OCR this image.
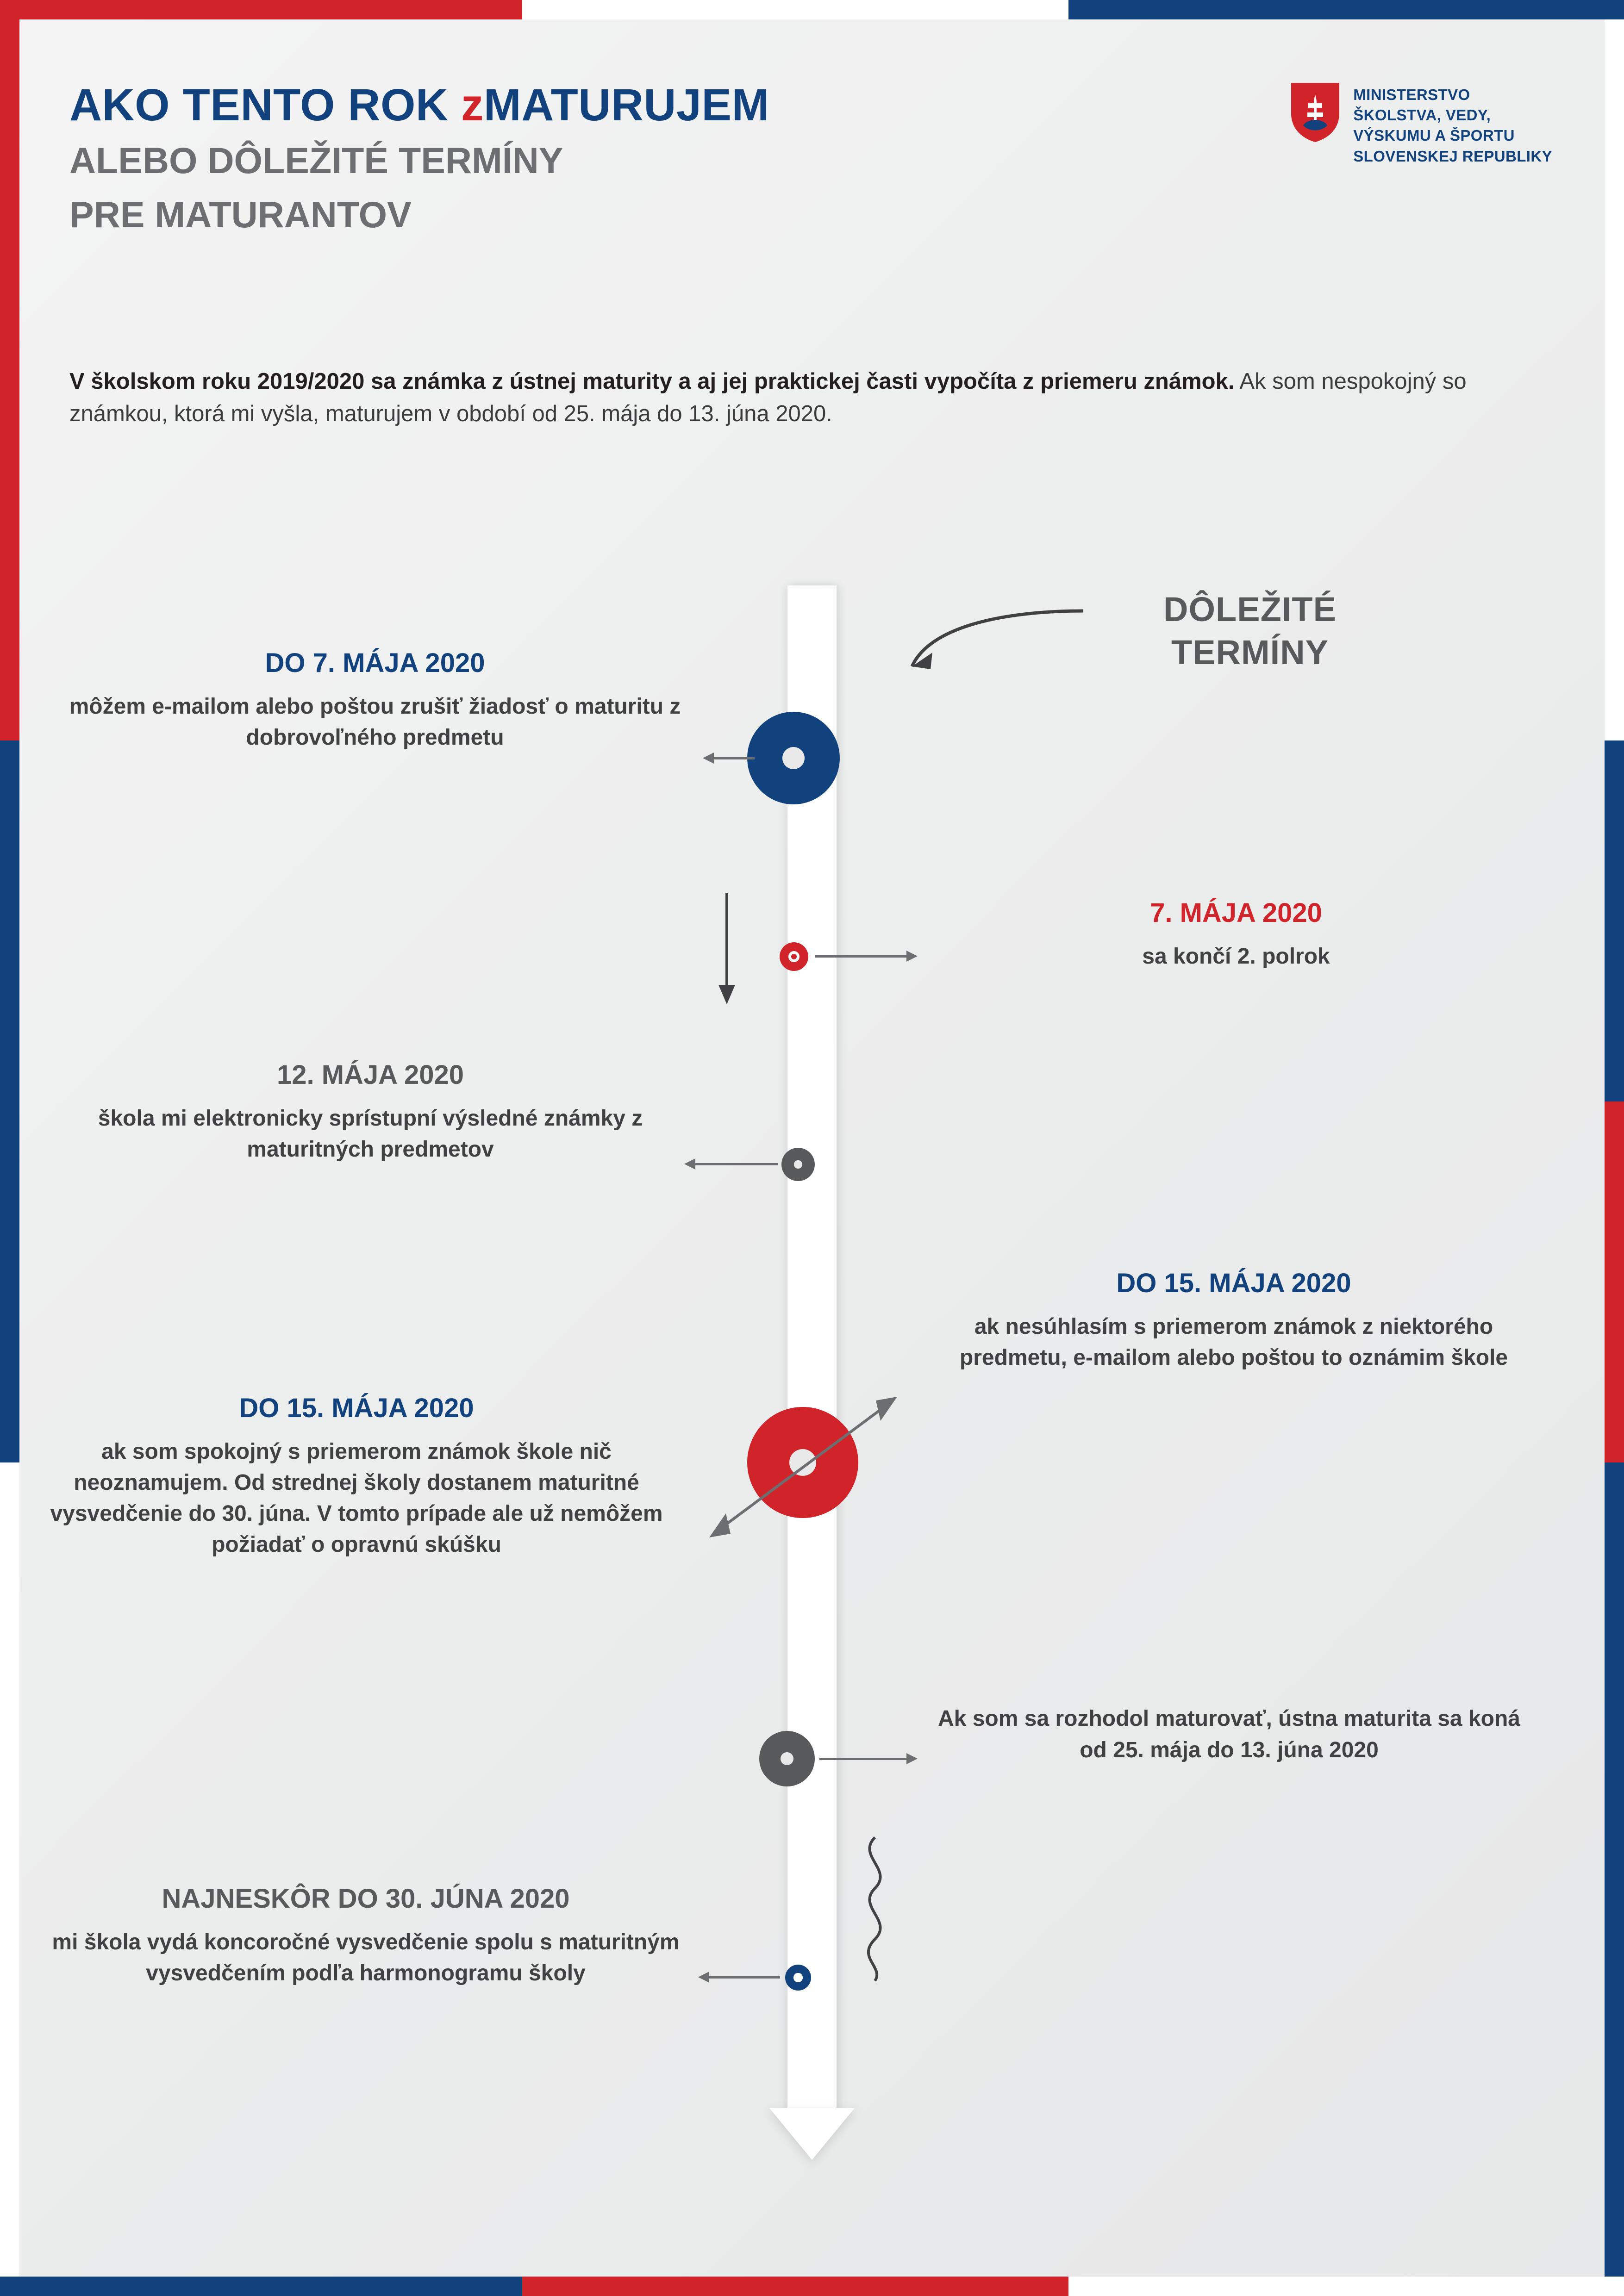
AKO TENTO ROK zMATURUJEM
ALEBO DÔLEŽITÉ TERMÍNY
PRE MATURANTOV
MINISTERSTVO
ŠKOLSTVA, VEDY,
VÝSKUMU A ŠPORTU
SLOVENSKEJ REPUBLIKY
V školskom roku 2019/2020 sa známka z ústnej maturity a aj jej praktickej časti vypočíta z priemeru známok. Ak som nespokojný so známkou, ktorá mi vyšla, maturujem v období od 25. mája do 13. júna 2020.
DÔLEŽITÉ
TERMÍNY
DO 7. MÁJA 2020
môžem e-mailom alebo poštou zrušiť žiadosť o maturitu z dobrovoľného predmetu
7. MÁJA 2020
sa končí 2. polrok
12. MÁJA 2020
škola mi elektronicky sprístupní výsledné známky z maturitných predmetov
DO 15. MÁJA 2020
ak nesúhlasím s priemerom známok z niektorého predmetu, e-mailom alebo poštou to oznámim škole
DO 15. MÁJA 2020
ak som spokojný s priemerom známok škole nič neoznamujem. Od strednej školy dostanem maturitné vysvedčenie do 30. júna. V tomto prípade ale už nemôžem požiadať o opravnú skúšku
Ak som sa rozhodol maturovať, ústna maturita sa koná od 25. mája do 13. júna 2020
NAJNESKÔR DO 30. JÚNA 2020
mi škola vydá koncoročné vysvedčenie spolu s maturitným vysvedčením podľa harmonogramu školy
